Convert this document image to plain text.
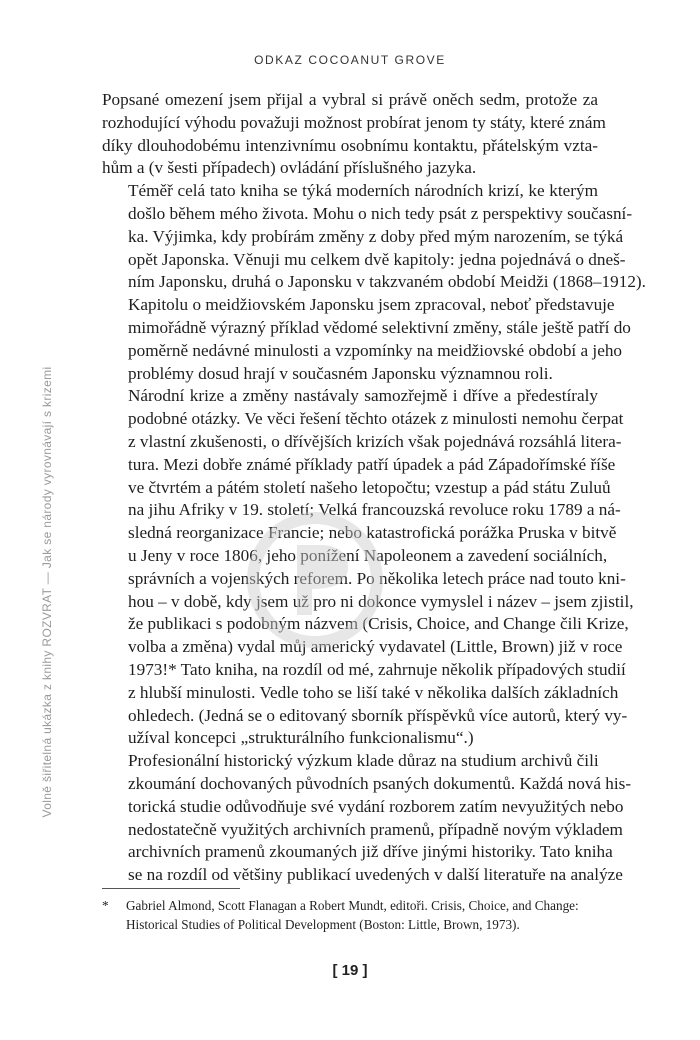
ODKAZ COCOANUT GROVE
Volně šiřitelná ukázka z knihy ROZVRAT — Jak se národy vyrovnávají s krizemi

Popsané omezení jsem přijal a vybral si právě oněch sedm, protože za
rozhodující výhodu považuji možnost probírat jenom ty státy, které znám
díky dlouhodobému intenzivnímu osobnímu kontaktu, přátelským vzta-
hům a (v šesti případech) ovládání příslušného jazyka.

Téměř celá tato kniha se týká moderních národních krizí, ke kterým
došlo během mého života. Mohu o nich tedy psát z perspektivy současní-
ka. Výjimka, kdy probírám změny z doby před mým narozením, se týká
opět Japonska. Věnuji mu celkem dvě kapitoly: jedna pojednává o dneš-
ním Japonsku, druhá o Japonsku v takzvaném období Meidži (1868–1912).
Kapitolu o meidžiovském Japonsku jsem zpracoval, neboť představuje
mimořádně výrazný příklad vědomé selektivní změny, stále ještě patří do
poměrně nedávné minulosti a vzpomínky na meidžiovské období a jeho
problémy dosud hrají v současném Japonsku významnou roli.

Národní krize a změny nastávaly samozřejmě i dříve a předestíraly
podobné otázky. Ve věci řešení těchto otázek z minulosti nemohu čerpat
z vlastní zkušenosti, o dřívějších krizích však pojednává rozsáhlá litera-
tura. Mezi dobře známé příklady patří úpadek a pád Západořímské říše
ve čtvrtém a pátém století našeho letopočtu; vzestup a pád státu Zuluů
na jihu Afriky v 19. století; Velká francouzská revoluce roku 1789 a ná-
sledná reorganizace Francie; nebo katastrofická porážka Pruska v bitvě
u Jeny v roce 1806, jeho ponížení Napoleonem a zavedení sociálních,
správních a vojenských reforem. Po několika letech práce nad touto kni-
hou – v době, kdy jsem už pro ni dokonce vymyslel i název – jsem zjistil,
že publikaci s podobným názvem (Crisis, Choice, and Change čili Krize,
volba a změna) vydal můj americký vydavatel (Little, Brown) již v roce
1973!* Tato kniha, na rozdíl od mé, zahrnuje několik případových studií
z hlubší minulosti. Vedle toho se liší také v několika dalších základních
ohledech. (Jedná se o editovaný sborník příspěvků více autorů, který vy-
užíval koncepci „strukturálního funkcionalismu“.)

Profesionální historický výzkum klade důraz na studium archivů čili
zkoumání dochovaných původních psaných dokumentů. Každá nová his-
torická studie odůvodňuje své vydání rozborem zatím nevyužitých nebo
nedostatečně využitých archivních pramenů, případně novým výkladem
archivních pramenů zkoumaných již dříve jinými historiky. Tato kniha
se na rozdíl od většiny publikací uvedených v další literatuře na analýze

* Gabriel Almond, Scott Flanagan a Robert Mundt, editoři. Crisis, Choice, and Change:
Historical Studies of Political Development (Boston: Little, Brown, 1973).
[ 19 ]
